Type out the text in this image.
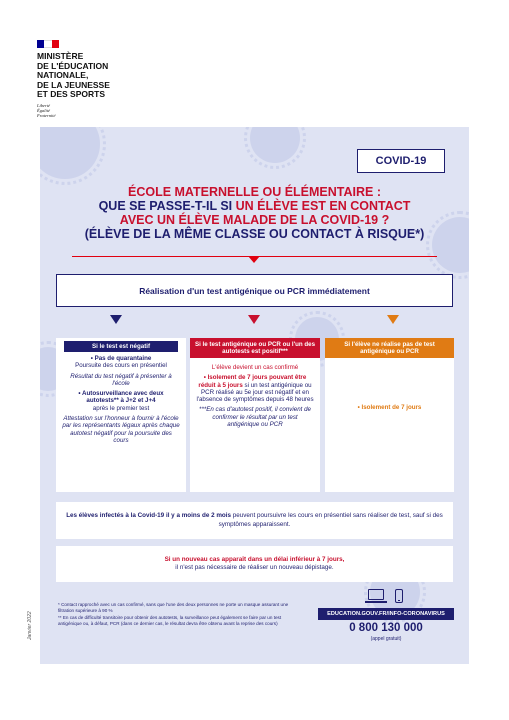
MINISTÈRE
DE L'ÉDUCATION
NATIONALE,
DE LA JEUNESSE
ET DES SPORTS
Liberté
Égalité
Fraternité
COVID-19
ÉCOLE MATERNELLE OU ÉLÉMENTAIRE :
QUE SE PASSE-T-IL SI UN ÉLÈVE EST EN CONTACT
AVEC UN ÉLÈVE MALADE DE LA COVID-19 ?
(ÉLÈVE DE LA MÊME CLASSE OU CONTACT À RISQUE*)
Réalisation d'un test antigénique ou PCR immédiatement
Si le test est négatif

• Pas de quarantaine
Poursuite des cours en présentiel

Résultat du test négatif à présenter à l'école

• Autosurveillance avec deux autotests** à J+2 et J+4
après le premier test

Attestation sur l'honneur à fournir à l'école par les représentants légaux après chaque autotest négatif pour la poursuite des cours

Si le test antigénique ou PCR ou l'un des autotests est positif***

L'élève devient un cas confirmé

• Isolement de 7 jours pouvant être réduit à 5 jours si un test antigénique ou PCR réalisé au 5e jour est négatif et en l'absence de symptômes depuis 48 heures

***En cas d'autotest positif, il convient de confirmer le résultat par un test antigénique ou PCR

Si l'élève ne réalise pas de test antigénique ou PCR

• Isolement de 7 jours

Les élèves infectés à la Covid-19 il y a moins de 2 mois peuvent poursuivre les cours en présentiel sans réaliser de test, sauf si des symptômes apparaissent.
Si un nouveau cas apparaît dans un délai inférieur à 7 jours,
il n'est pas nécessaire de réaliser un nouveau dépistage.

* Contact rapproché avec un cas confirmé, sans que l'une des deux personnes ne porte un masque assurant une filtration supérieure à 90 %

** En cas de difficulté transitoire pour obtenir des autotests, la surveillance peut également se faire par un test antigénique ou, à défaut, PCR (dans ce dernier cas, le résultat devra être obtenu avant la reprise des cours)

EDUCATION.GOUV.FR/INFO-CORONAVIRUS
0 800 130 000
(appel gratuit)
Janvier 2022
